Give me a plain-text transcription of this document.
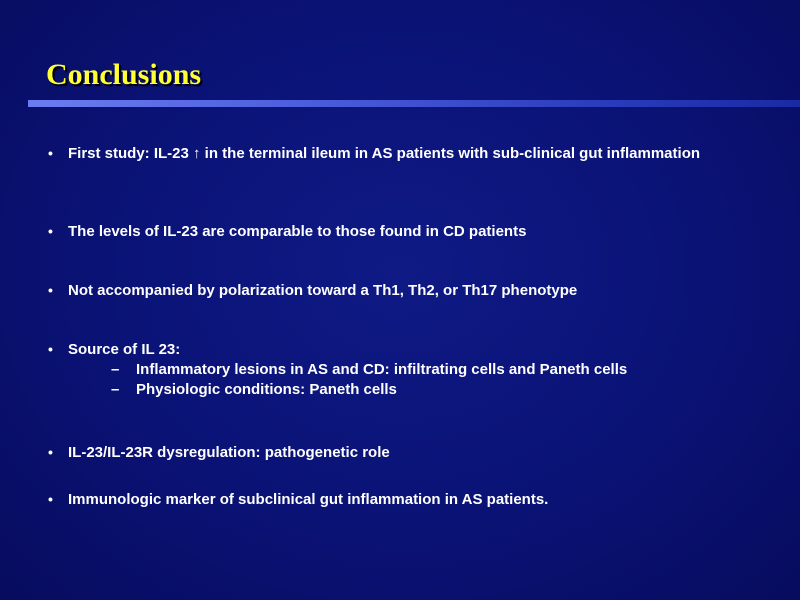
Conclusions
• First study: IL-23 ↑ in the terminal ileum in AS patients with sub-clinical gut inflammation
• The levels of IL-23 are comparable to those found in CD patients
• Not accompanied by polarization toward a Th1, Th2, or Th17 phenotype
• Source of IL 23:
– Inflammatory lesions in AS and CD: infiltrating cells and Paneth cells
– Physiologic conditions: Paneth cells
• IL-23/IL-23R dysregulation: pathogenetic role
• Immunologic marker of subclinical gut inflammation in AS patients.
